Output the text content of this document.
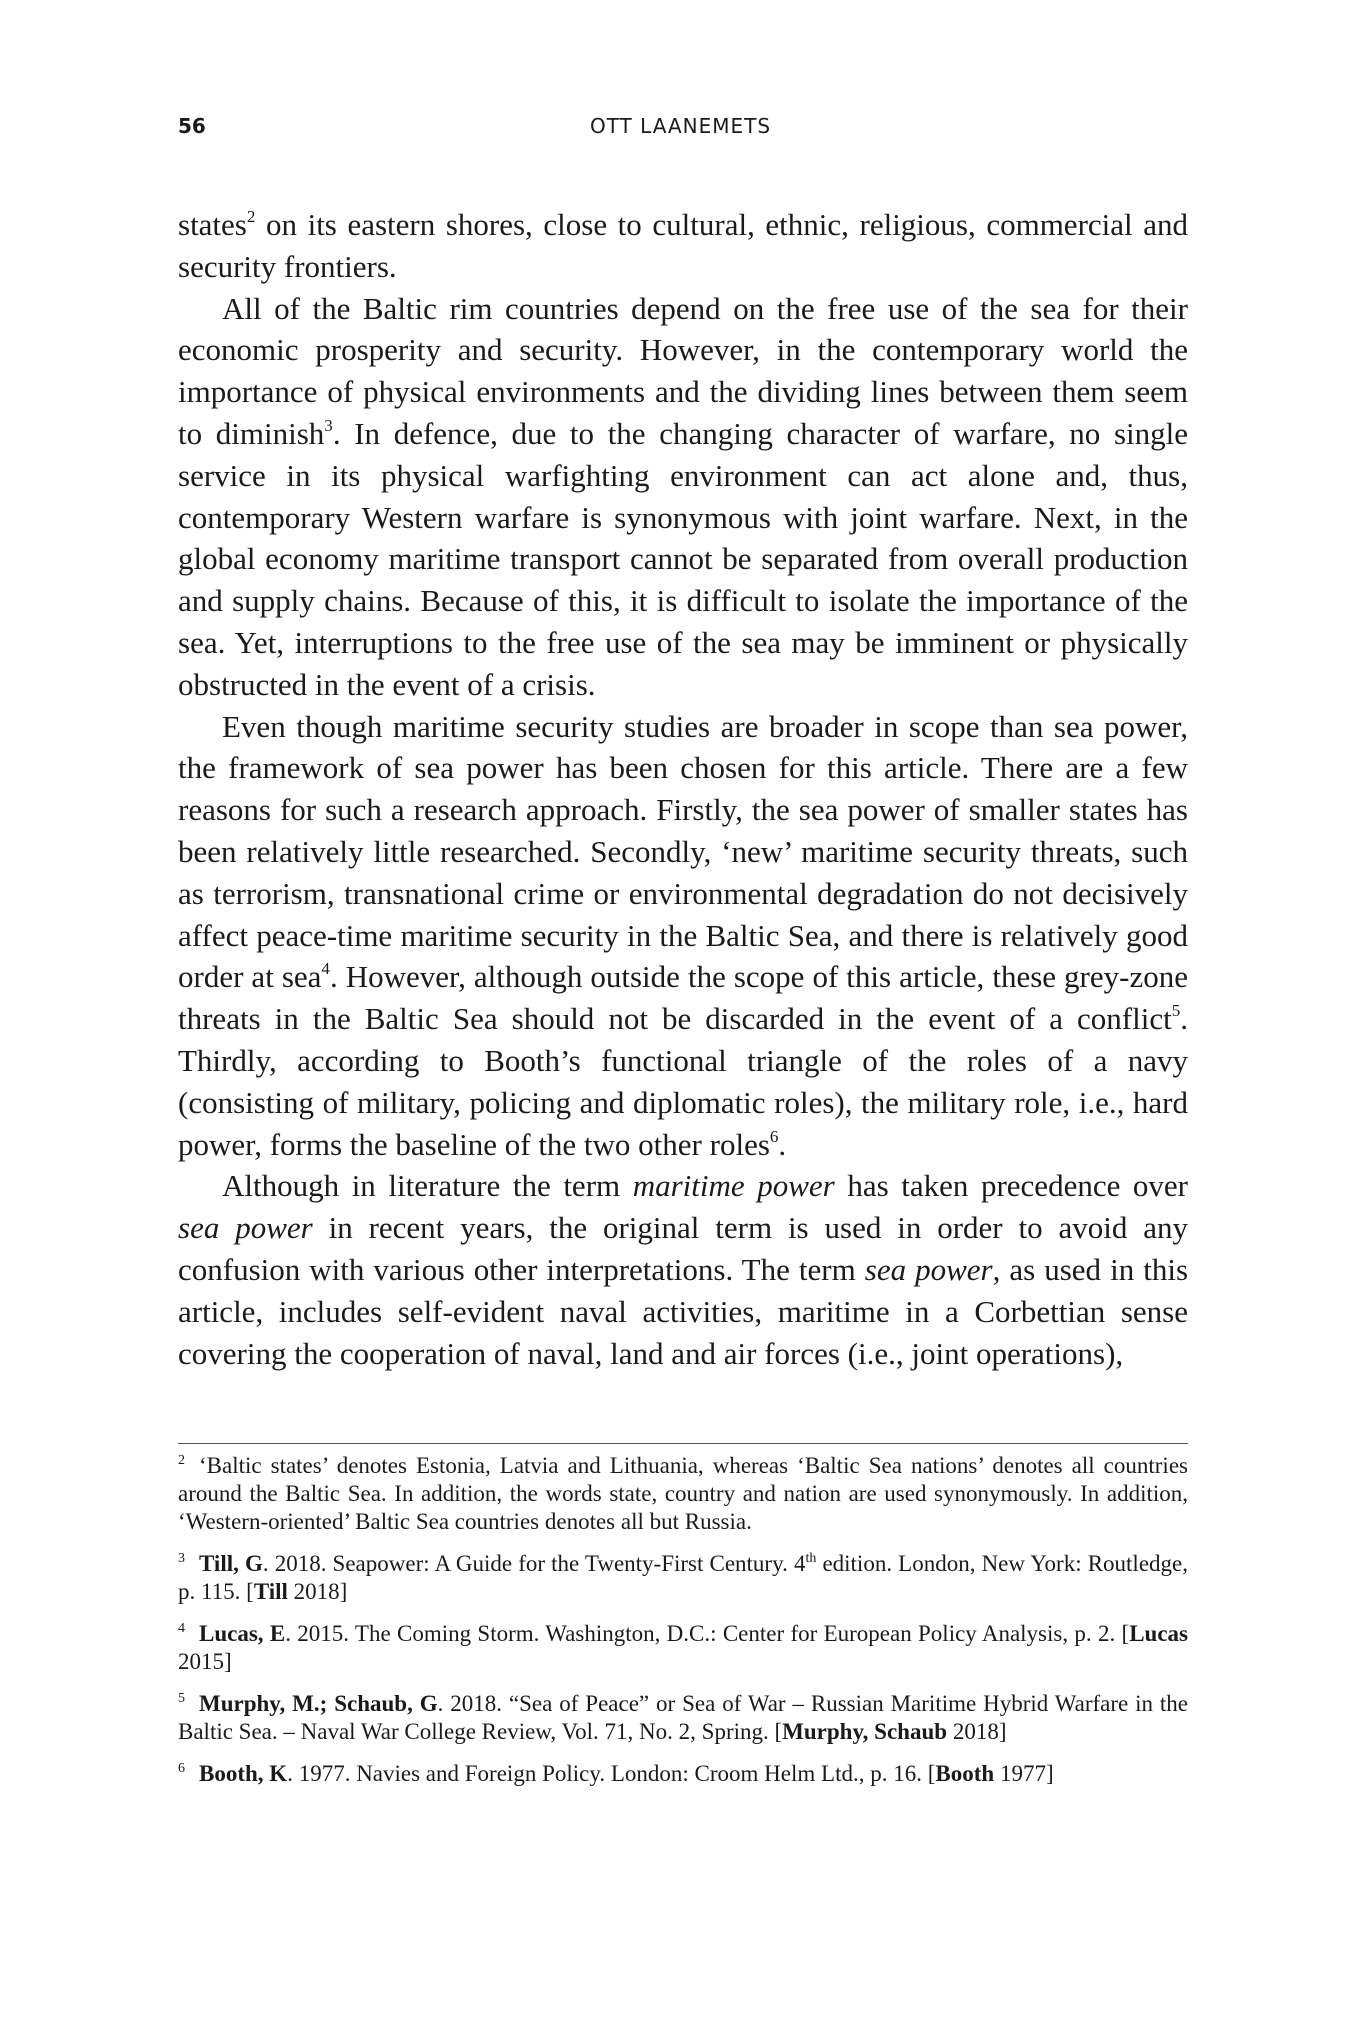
56	OTT LAANEMETS

states$^2$ on its eastern shores, close to cultural, ethnic, religious, commercial and security frontiers.

All of the Baltic rim countries depend on the free use of the sea for their economic prosperity and security. However, in the contemporary world the importance of physical environments and the dividing lines between them seem to diminish$^3$. In defence, due to the changing character of warfare, no single service in its physical warfighting environment can act alone and, thus, contemporary Western warfare is synonymous with joint warfare. Next, in the global economy maritime transport cannot be separated from overall production and supply chains. Because of this, it is difficult to isolate the importance of the sea. Yet, interruptions to the free use of the sea may be imminent or physically obstructed in the event of a crisis.

Even though maritime security studies are broader in scope than sea power, the framework of sea power has been chosen for this article. There are a few reasons for such a research approach. Firstly, the sea power of smaller states has been relatively little researched. Secondly, ‘new’ maritime security threats, such as terrorism, transnational crime or environmental degradation do not decisively affect peace-time maritime security in the Baltic Sea, and there is relatively good order at sea$^4$. However, although outside the scope of this article, these grey-zone threats in the Baltic Sea should not be discarded in the event of a conflict$^5$. Thirdly, according to Booth’s functional triangle of the roles of a navy (consisting of military, policing and diplomatic roles), the military role, i.e., hard power, forms the baseline of the two other roles$^6$.

Although in literature the term maritime power has taken precedence over sea power in recent years, the original term is used in order to avoid any confusion with various other interpretations. The term sea power, as used in this article, includes self-evident naval activities, maritime in a Corbettian sense covering the cooperation of naval, land and air forces (i.e., joint operations),

$^2$ ‘Baltic states’ denotes Estonia, Latvia and Lithuania, whereas ‘Baltic Sea nations’ denotes all countries around the Baltic Sea. In addition, the words state, country and nation are used synonymously. In addition, ‘Western-oriented’ Baltic Sea countries denotes all but Russia.

$^3$ Till, G. 2018. Seapower: A Guide for the Twenty-First Century. 4th edition. London, New York: Routledge, p. 115. [Till 2018]

$^4$ Lucas, E. 2015. The Coming Storm. Washington, D.C.: Center for European Policy Analysis, p. 2. [Lucas 2015]

$^5$ Murphy, M.; Schaub, G. 2018. “Sea of Peace” or Sea of War – Russian Maritime Hybrid Warfare in the Baltic Sea. – Naval War College Review, Vol. 71, No. 2, Spring. [Murphy, Schaub 2018]

$^6$ Booth, K. 1977. Navies and Foreign Policy. London: Croom Helm Ltd., p. 16. [Booth 1977]
